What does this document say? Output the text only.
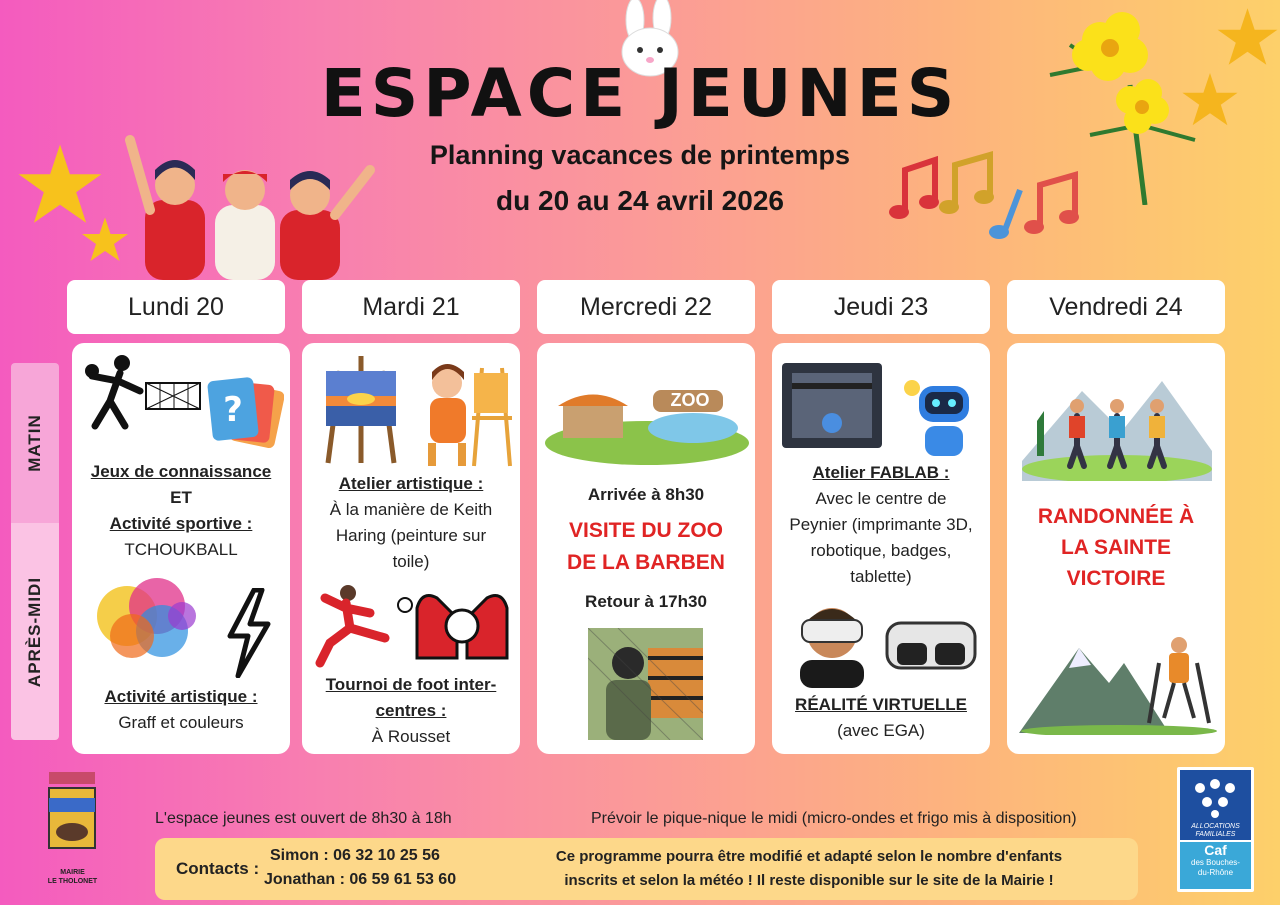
ESPACE JEUNES
Planning vacances de printemps
du 20 au 24 avril 2026
Lundi 20	Mardi 21	Mercredi 22	Jeudi 23	Vendredi 24
MATIN
APRÈS-MIDI
?
Jeux de connaissance
ET
Activité sportive :
TCHOUKBALL
Activité artistique :
Graff et couleurs
Atelier artistique :
À la manière de Keith
Haring (peinture sur
toile)
Tournoi de foot inter-
centres :
À Rousset
ZOO
Arrivée à 8h30
VISITE DU ZOO
DE LA BARBEN
Retour à 17h30
Atelier FABLAB :
Avec le centre de
Peynier (imprimante 3D,
robotique, badges,
tablette)
RÉALITÉ VIRTUELLE
(avec EGA)
RANDONNÉE À
LA SAINTE
VICTOIRE
MAIRIE
LE THOLONET
L'espace jeunes est ouvert de 8h30 à 18h	Prévoir le pique-nique le midi (micro-ondes et frigo mis à disposition)
Contacts :
Simon : 06 32 10 25 56
Jonathan : 06 59 61 53 60
Ce programme pourra être modifié et adapté selon le nombre d'enfants
inscrits et selon la météo ! Il reste disponible sur le site de la Mairie !
ALLOCATIONS
FAMILIALES
Caf
des Bouches-
du-Rhône
